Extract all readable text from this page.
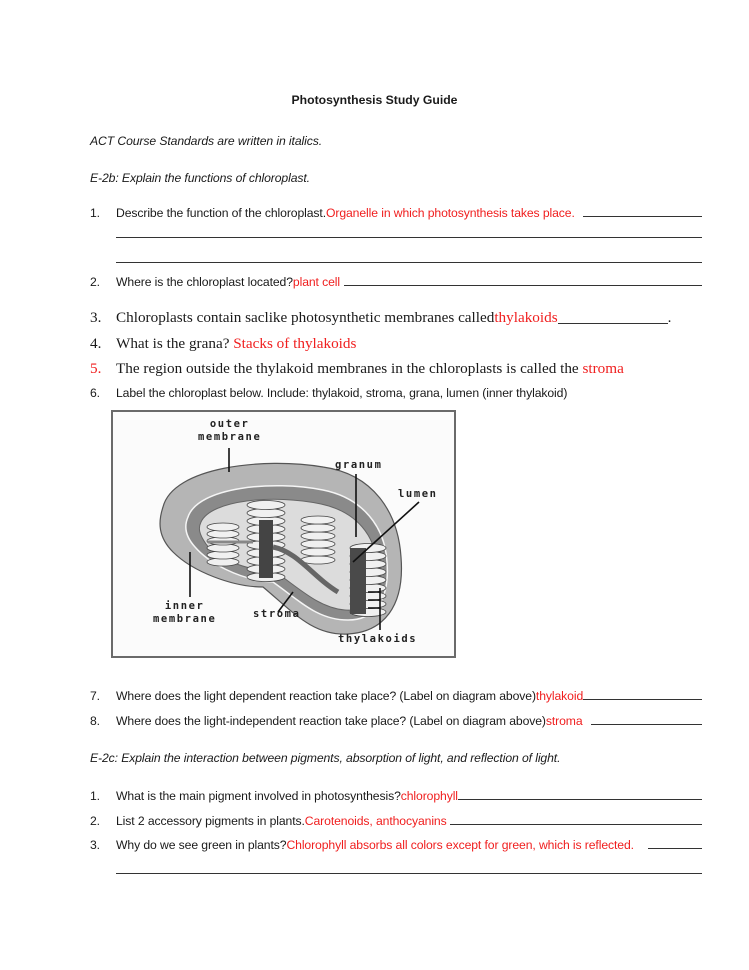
Photosynthesis Study Guide
ACT Course Standards are written in italics.
E-2b: Explain the functions of chloroplast.
1.	Describe the function of the chloroplast. Organelle in which photosynthesis takes place.
2.	Where is the chloroplast located? plant cell
3. Chloroplasts contain saclike photosynthetic membranes called thylakoids	.
4. What is the grana? Stacks of thylakoids
5. The region outside the thylakoid membranes in the chloroplasts is called the stroma
6. Label the chloroplast below. Include: thylakoid, stroma, grana, lumen (inner thylakoid)
outer
membrane
granum
lumen
inner
membrane	stroma
thylakoids
7.	Where does the light dependent reaction take place? (Label on diagram above) thylakoid
8.	Where does the light-independent reaction take place? (Label on diagram above) stroma
E-2c: Explain the interaction between pigments, absorption of light, and reflection of light.
1.	What is the main pigment involved in photosynthesis? chlorophyll
2.	List 2 accessory pigments in plants. Carotenoids, anthocyanins
3.	Why do we see green in plants? Chlorophyll absorbs all colors except for green, which is reflected.
